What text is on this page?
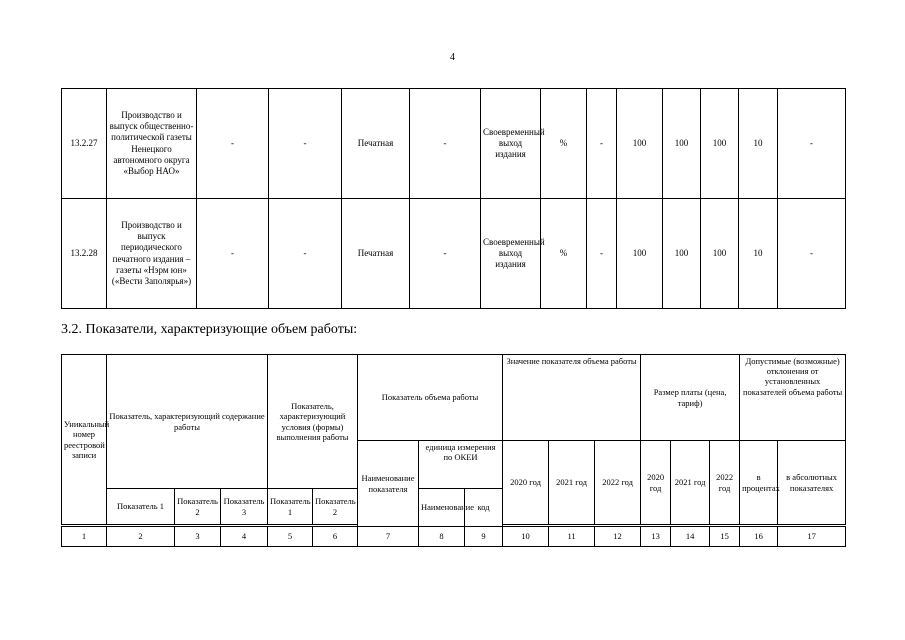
4
13.2.27	Производство и выпуск общественно-политической газеты Ненецкого автономного округа «Выбор НАО»	-	-	Печатная	-	Своевременный выход издания	%	-	100	100	100	10	-
13.2.28	Производство и выпуск периодического печатного издания – газеты «Нэрм юн» («Вести Заполярья»)	-	-	Печатная	-	Своевременный выход издания	%	-	100	100	100	10	-
3.2. Показатели, характеризующие объем работы:
Уникальный номер реестровой записи	Показатель, характеризующий содержание работы			Показатель, характеризующий условия (формы) выполнения работы		Показатель объема работы			Значение показателя объема работы			Размер платы (цена, тариф)			Допустимые (возможные) отклонения от установленных показателей объема работы	
						Наименование показателя	единица измерения по ОКЕИ		2020 год	2021 год	2022 год	2020 год	2021 год	2022 год	в процентах	в абсолютных показателях
	Показатель 1	Показатель 2	Показатель 3	Показатель 1	Показатель 2		Наименование	код								

1	2	3	4	5	6	7	8	9	10	11	12	13	14	15	16	17
